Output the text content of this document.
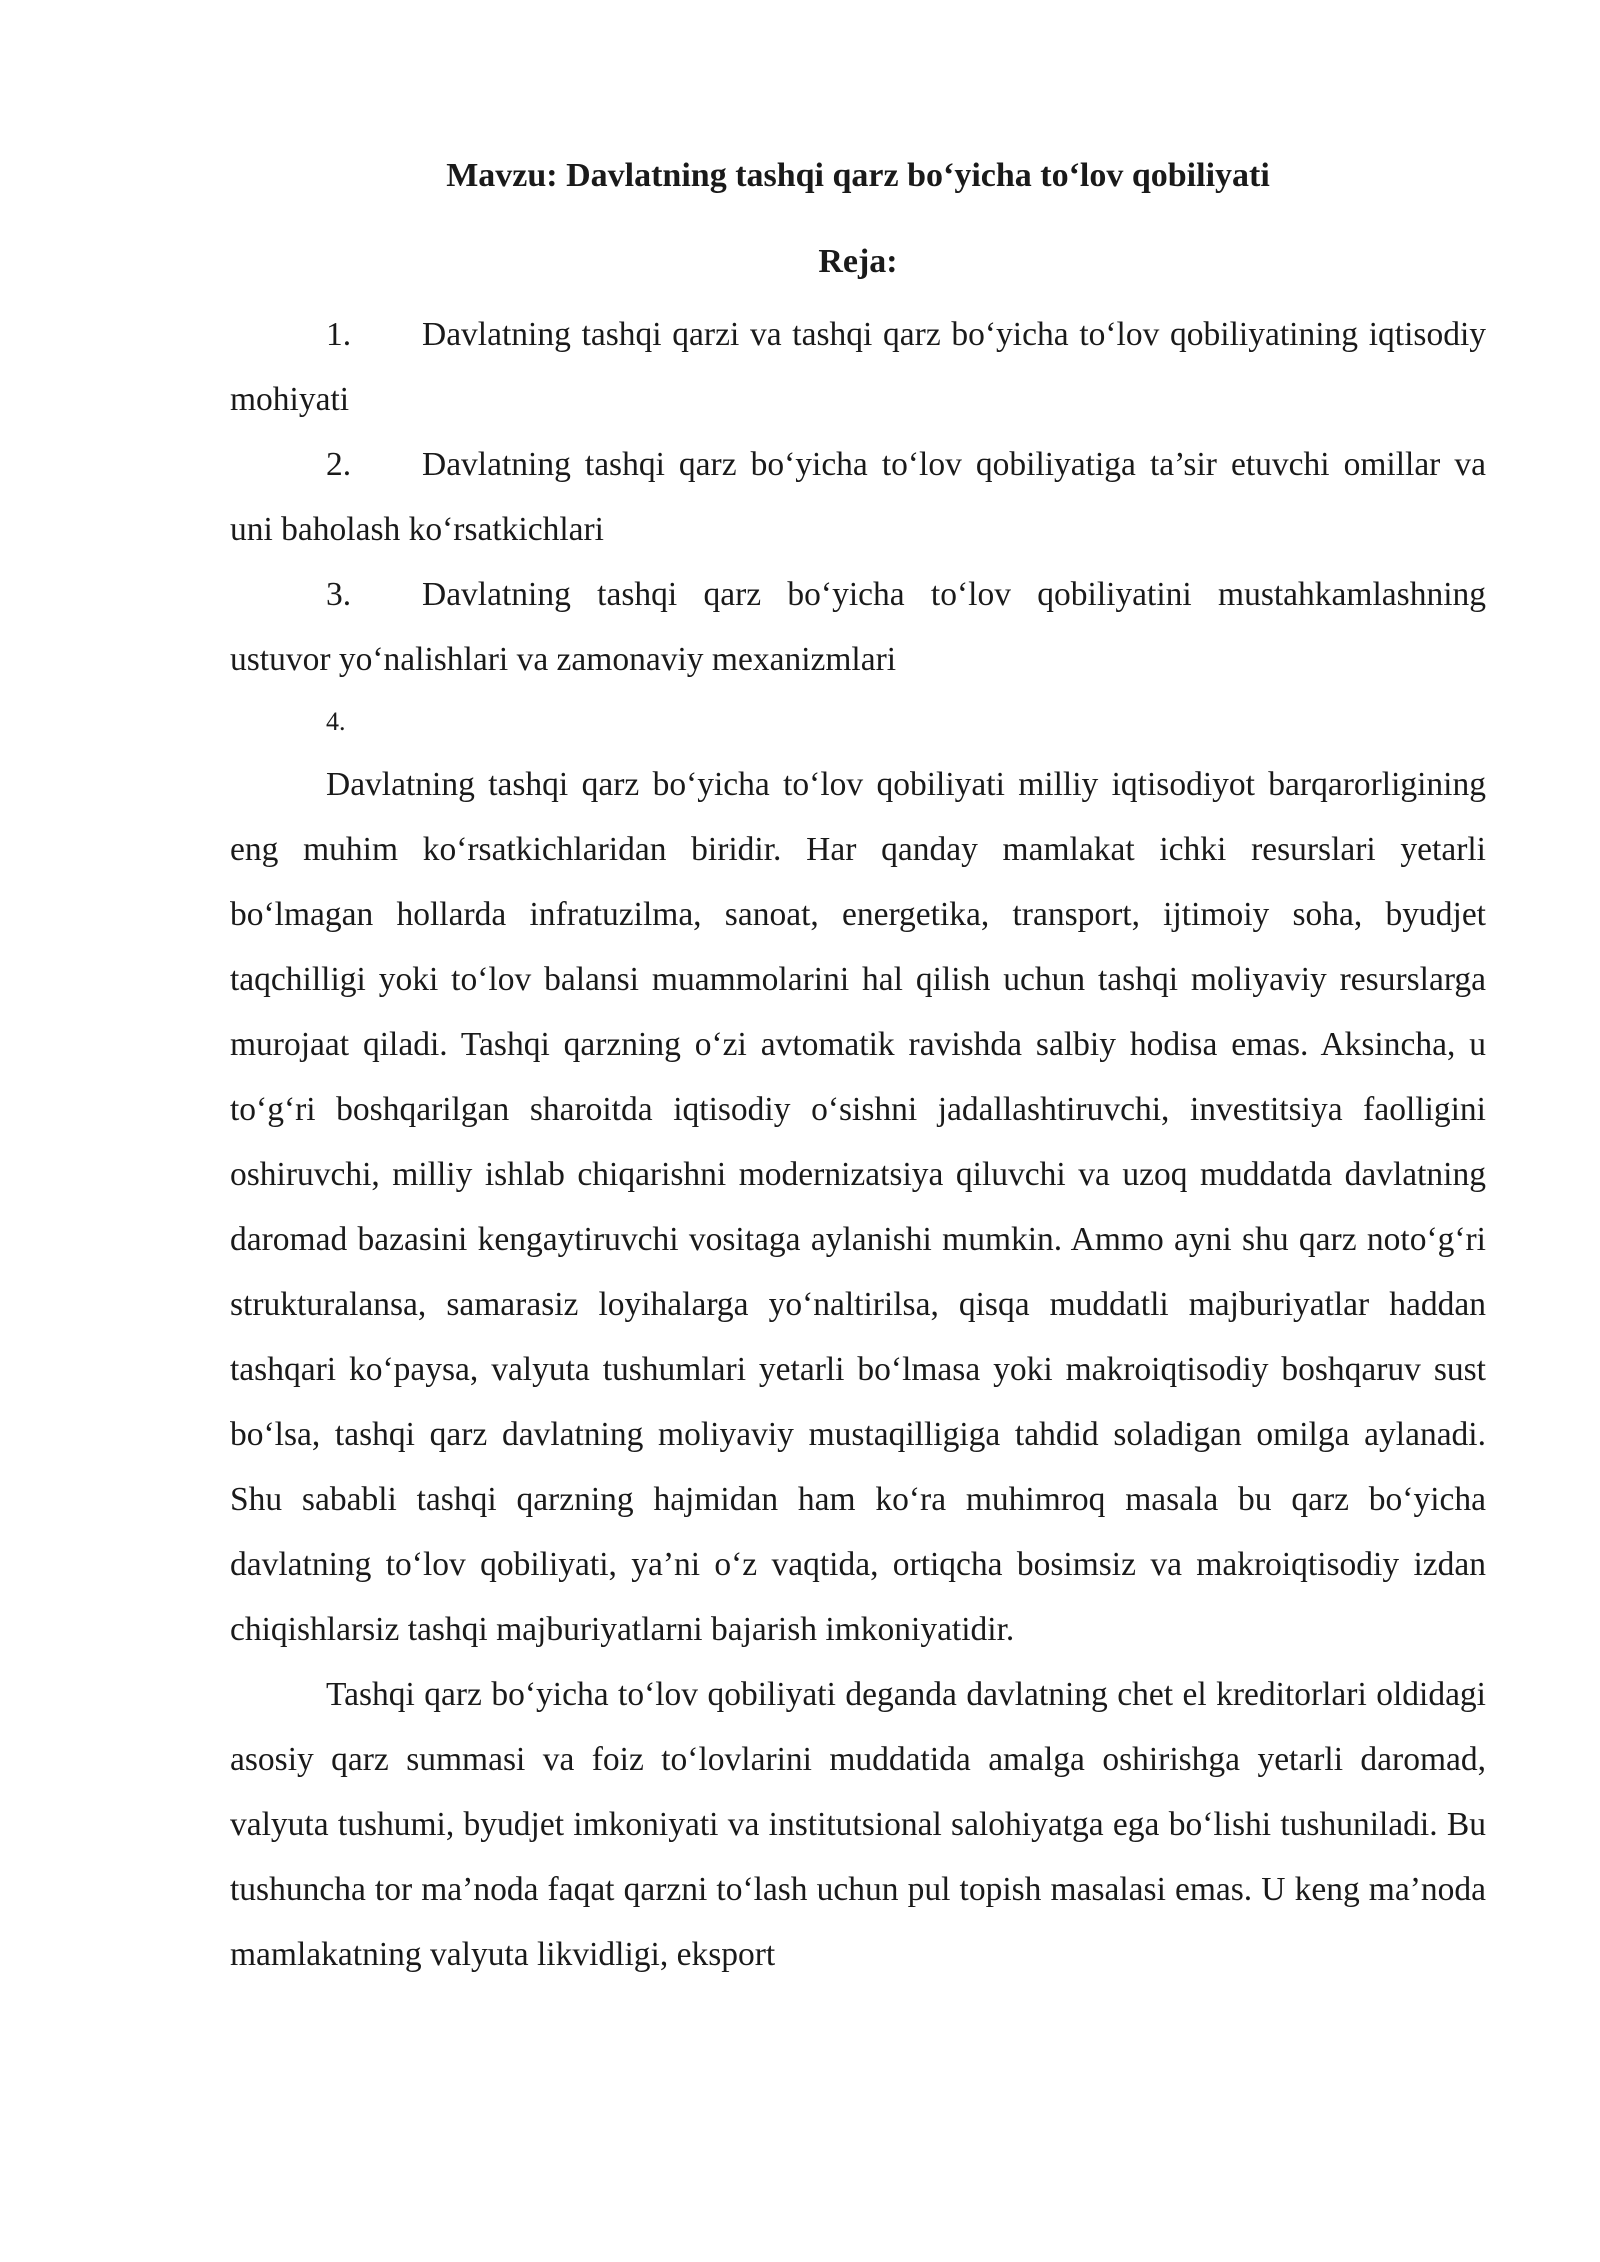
Mavzu: Davlatning tashqi qarz bo‘yicha to‘lov qobiliyati

Reja:

1. Davlatning tashqi qarzi va tashqi qarz bo‘yicha to‘lov qobiliyatining iqtisodiy mohiyati

2. Davlatning tashqi qarz bo‘yicha to‘lov qobiliyatiga ta’sir etuvchi omillar va uni baholash ko‘rsatkichlari

3. Davlatning tashqi qarz bo‘yicha to‘lov qobiliyatini mustahkamlashning ustuvor yo‘nalishlari va zamonaviy mexanizmlari

4.

Davlatning tashqi qarz bo‘yicha to‘lov qobiliyati milliy iqtisodiyot barqarorligining eng muhim ko‘rsatkichlaridan biridir. Har qanday mamlakat ichki resurslari yetarli bo‘lmagan hollarda infratuzilma, sanoat, energetika, transport, ijtimoiy soha, byudjet taqchilligi yoki to‘lov balansi muammolarini hal qilish uchun tashqi moliyaviy resurslarga murojaat qiladi. Tashqi qarzning o‘zi avtomatik ravishda salbiy hodisa emas. Aksincha, u to‘g‘ri boshqarilgan sharoitda iqtisodiy o‘sishni jadallashtiruvchi, investitsiya faolligini oshiruvchi, milliy ishlab chiqarishni modernizatsiya qiluvchi va uzoq muddatda davlatning daromad bazasini kengaytiruvchi vositaga aylanishi mumkin. Ammo ayni shu qarz noto‘g‘ri strukturalansa, samarasiz loyihalarga yo‘naltirilsa, qisqa muddatli majburiyatlar haddan tashqari ko‘paysa, valyuta tushumlari yetarli bo‘lmasa yoki makroiqtisodiy boshqaruv sust bo‘lsa, tashqi qarz davlatning moliyaviy mustaqilligiga tahdid soladigan omilga aylanadi. Shu sababli tashqi qarzning hajmidan ham ko‘ra muhimroq masala bu qarz bo‘yicha davlatning to‘lov qobiliyati, ya’ni o‘z vaqtida, ortiqcha bosimsiz va makroiqtisodiy izdan chiqishlarsiz tashqi majburiyatlarni bajarish imkoniyatidir.

Tashqi qarz bo‘yicha to‘lov qobiliyati deganda davlatning chet el kreditorlari oldidagi asosiy qarz summasi va foiz to‘lovlarini muddatida amalga oshirishga yetarli daromad, valyuta tushumi, byudjet imkoniyati va institutsional salohiyatga ega bo‘lishi tushuniladi. Bu tushuncha tor ma’noda faqat qarzni to‘lash uchun pul topish masalasi emas. U keng ma’noda mamlakatning valyuta likvidligi, eksport
